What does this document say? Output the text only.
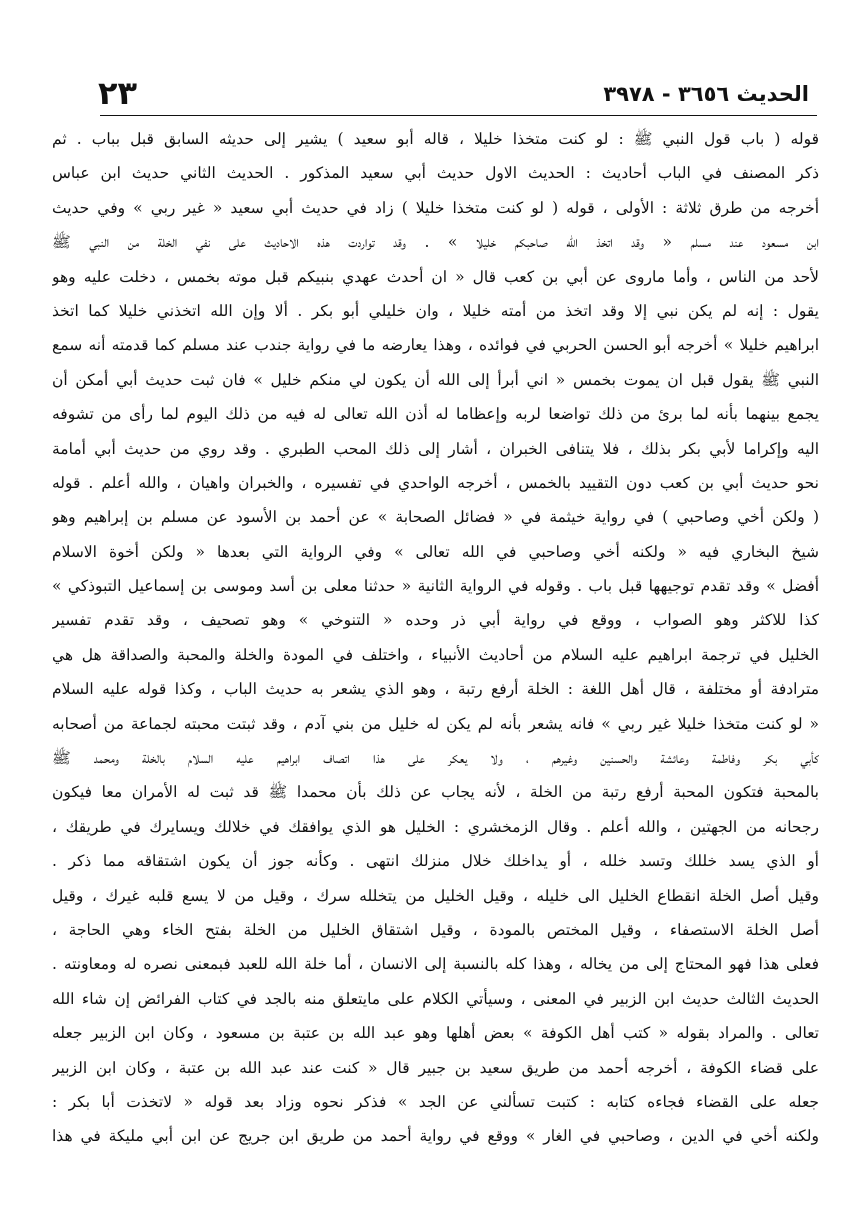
الحديث ٣٦٥٦ - ٣٩٧٨
٢٣
قوله ( باب قول النبي ﷺ : لو كنت متخذا خليلا ، قاله أبو سعيد ) يشير إلى حديثه السابق قبل بباب . ثم
ذكر المصنف في الباب أحاديث : الحديث الاول حديث أبي سعيد المذكور . الحديث الثاني حديث ابن عباس
أخرجه من طرق ثلاثة : الأولى ، قوله ( لو كنت متخذا خليلا ) زاد في حديث أبي سعيد « غير ربي » وفي حديث
ابن مسعود عند مسلم « وقد اتخذ الله صاحبكم خليلا » . وقد تواردت هذه الاحاديث على نفي الخلة من النبي ﷺ
لأحد من الناس ، وأما ماروى عن أبي بن كعب قال « ان أحدث عهدي بنبيكم قبل موته بخمس ، دخلت عليه وهو
يقول : إنه لم يكن نبي إلا وقد اتخذ من أمته خليلا ، وان خليلي أبو بكر . ألا وإن الله اتخذني خليلا كما اتخذ
ابراهيم خليلا » أخرجه أبو الحسن الحربي في فوائده ، وهذا يعارضه ما في رواية جندب عند مسلم كما قدمته أنه سمع
النبي ﷺ يقول قبل ان يموت بخمس « اني أبرأ إلى الله أن يكون لي منكم خليل » فان ثبت حديث أبي أمكن أن
يجمع بينهما بأنه لما برئ من ذلك تواضعا لربه وإعظاما له أذن الله تعالى له فيه من ذلك اليوم لما رأى من تشوفه
اليه وإكراما لأبي بكر بذلك ، فلا يتنافى الخبران ، أشار إلى ذلك المحب الطبري . وقد روي من حديث أبي أمامة
نحو حديث أبي بن كعب دون التقييد بالخمس ، أخرجه الواحدي في تفسيره ، والخبران واهيان ، والله أعلم . قوله
( ولكن أخي وصاحبي ) في رواية خيثمة في « فضائل الصحابة » عن أحمد بن الأسود عن مسلم بن إبراهيم وهو
شيخ البخاري فيه « ولكنه أخي وصاحبي في الله تعالى » وفي الرواية التي بعدها « ولكن أخوة الاسلام
أفضل » وقد تقدم توجيهها قبل باب . وقوله في الرواية الثانية « حدثنا معلى بن أسد وموسى بن إسماعيل التبوذكي »
كذا للاكثر وهو الصواب ، ووقع في رواية أبي ذر وحده « التنوخي » وهو تصحيف ، وقد تقدم تفسير
الخليل في ترجمة ابراهيم عليه السلام من أحاديث الأنبياء ، واختلف في المودة والخلة والمحبة والصداقة هل هي
مترادفة أو مختلفة ، قال أهل اللغة : الخلة أرفع رتبة ، وهو الذي يشعر به حديث الباب ، وكذا قوله عليه السلام
« لو كنت متخذا خليلا غير ربي » فانه يشعر بأنه لم يكن له خليل من بني آدم ، وقد ثبتت محبته لجماعة من أصحابه
كأبي بكر وفاطمة وعائشة والحسنين وغيرهم ، ولا يعكر على هذا اتصاف ابراهيم عليه السلام بالخلة ومحمد ﷺ
بالمحبة فتكون المحبة أرفع رتبة من الخلة ، لأنه يجاب عن ذلك بأن محمدا ﷺ قد ثبت له الأمران معا فيكون
رجحانه من الجهتين ، والله أعلم . وقال الزمخشري : الخليل هو الذي يوافقك في خلالك ويسايرك في طريقك ،
أو الذي يسد خللك وتسد خلله ، أو يداخلك خلال منزلك انتهى . وكأنه جوز أن يكون اشتقاقه مما ذكر .
وقيل أصل الخلة انقطاع الخليل الى خليله ، وقيل الخليل من يتخلله سرك ، وقيل من لا يسع قلبه غيرك ، وقيل
أصل الخلة الاستصفاء ، وقيل المختص بالمودة ، وقيل اشتقاق الخليل من الخلة بفتح الخاء وهي الحاجة ،
فعلى هذا فهو المحتاج إلى من يخاله ، وهذا كله بالنسبة إلى الانسان ، أما خلة الله للعبد فبمعنى نصره له ومعاونته .
الحديث الثالث حديث ابن الزبير في المعنى ، وسيأتي الكلام على مايتعلق منه بالجد في كتاب الفرائض إن شاء الله
تعالى . والمراد بقوله « كتب أهل الكوفة » بعض أهلها وهو عبد الله بن عتبة بن مسعود ، وكان ابن الزبير جعله
على قضاء الكوفة ، أخرجه أحمد من طريق سعيد بن جبير قال « كنت عند عبد الله بن عتبة ، وكان ابن الزبير
جعله على القضاء فجاءه كتابه : كتبت تسألني عن الجد » فذكر نحوه وزاد بعد قوله « لاتخذت أبا بكر :
ولكنه أخي في الدين ، وصاحبي في الغار » ووقع في رواية أحمد من طريق ابن جريج عن ابن أبي مليكة في هذا
